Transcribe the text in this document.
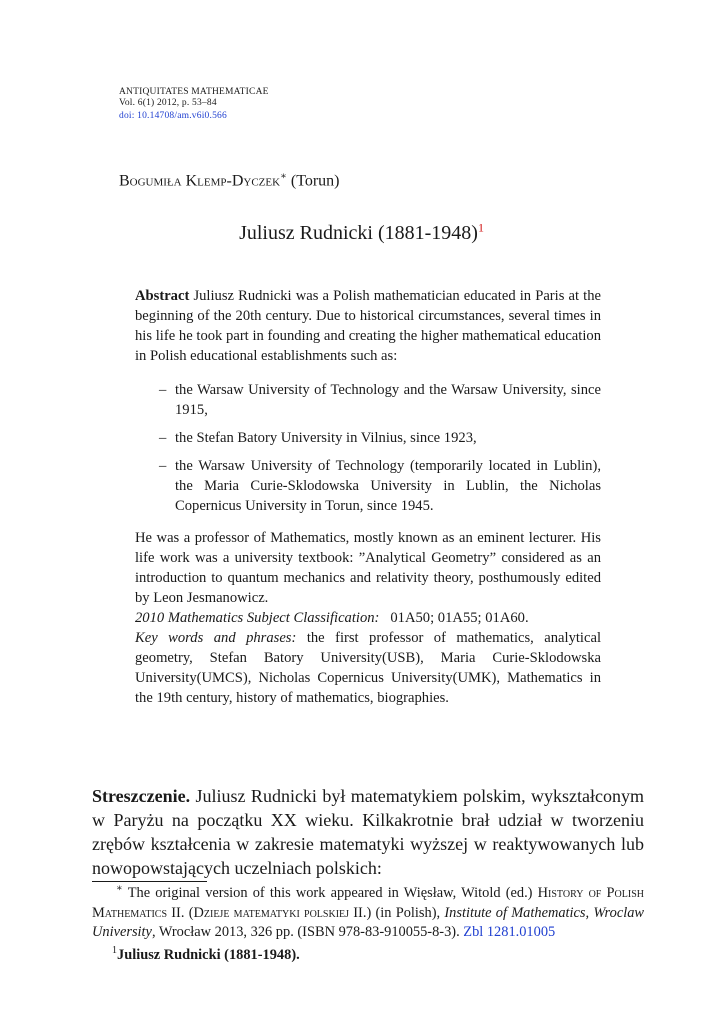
ANTIQUITATES MATHEMATICAE
Vol. 6(1) 2012, p. 53–84
doi: 10.14708/am.v6i0.566
Bogumiła Klemp-Dyczek∗ (Torun)
Juliusz Rudnicki (1881-1948)$^1$

Abstract Juliusz Rudnicki was a Polish mathematician educated in Paris at the beginning of the 20th century. Due to historical circumstances, several times in his life he took part in founding and creating the higher mathematical education in Polish educational establishments such as:

– the Warsaw University of Technology and the Warsaw University, since 1915,
– the Stefan Batory University in Vilnius, since 1923,
– the Warsaw University of Technology (temporarily located in Lublin), the Maria Curie-Sklodowska University in Lublin, the Nicholas Copernicus University in Torun, since 1945.

He was a professor of Mathematics, mostly known as an eminent lecturer. His life work was a university textbook: ”Analytical Geometry” considered as an introduction to quantum mechanics and relativity theory, posthumously edited by Leon Jesmanowicz.

2010 Mathematics Subject Classification: 01A50; 01A55; 01A60.

Key words and phrases: the first professor of mathematics, analytical geometry, Stefan Batory University(USB), Maria Curie-Sklodowska University(UMCS), Nicholas Copernicus University(UMK), Mathematics in the 19th century, history of mathematics, biographies.

Streszczenie. Juliusz Rudnicki był matematykiem polskim, wykształconym w Paryżu na początku XX wieku. Kilkakrotnie brał udział w tworzeniu zrębów kształcenia w zakresie matematyki wyższej w reaktywowanych lub nowopowstających uczelniach polskich:

∗ The original version of this work appeared in Więsław, Witold (ed.) History of Polish Mathematics II. (Dzieje matematyki polskiej II.) (in Polish), Institute of Mathematics, Wroclaw University, Wrocław 2013, 326 pp. (ISBN 978-83-910055-8-3). Zbl 1281.01005

$^1$Juliusz Rudnicki (1881-1948).
